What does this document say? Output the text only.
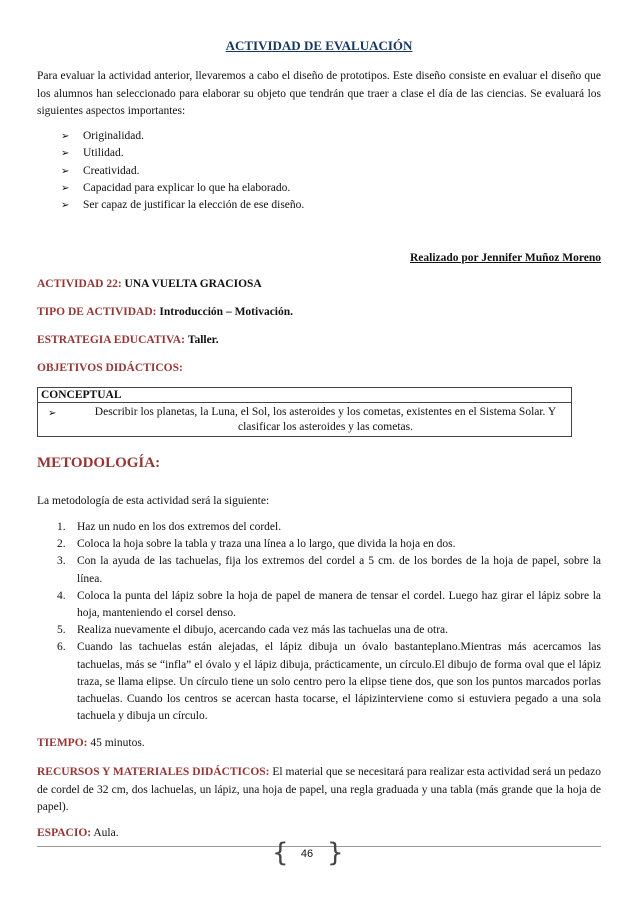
ACTIVIDAD DE EVALUACIÓN
Para evaluar la actividad anterior, llevaremos a cabo el diseño de prototipos. Este diseño consiste en evaluar el diseño que los alumnos han seleccionado para elaborar su objeto que tendrán que traer a clase el día de las ciencias. Se evaluará los siguientes aspectos importantes:
➢ Originalidad.
➢ Utilidad.
➢ Creatividad.
➢ Capacidad para explicar lo que ha elaborado.
➢ Ser capaz de justificar la elección de ese diseño.
Realizado por Jennifer Muñoz Moreno
ACTIVIDAD 22: UNA VUELTA GRACIOSA
TIPO DE ACTIVIDAD: Introducción – Motivación.
ESTRATEGIA EDUCATIVA: Taller.
OBJETIVOS DIDÁCTICOS:
CONCEPTUAL
➢	Describir los planetas, la Luna, el Sol, los asteroides y los cometas, existentes en el Sistema Solar. Y clasificar los asteroides y las cometas.
METODOLOGÍA:
La metodología de esta actividad será la siguiente:
1. Haz un nudo en los dos extremos del cordel.
2. Coloca la hoja sobre la tabla y traza una línea a lo largo, que divida la hoja en dos.
3. Con la ayuda de las tachuelas, fija los extremos del cordel a 5 cm. de los bordes de la hoja de papel, sobre la línea.
4. Coloca la punta del lápiz sobre la hoja de papel de manera de tensar el cordel. Luego haz girar el lápiz sobre la hoja, manteniendo el corsel denso.
5. Realiza nuevamente el dibujo, acercando cada vez más las tachuelas una de otra.
6. Cuando las tachuelas están alejadas, el lápiz dibuja un óvalo bastanteplano.Mientras más acercamos las tachuelas, más se “infla” el óvalo y el lápiz dibuja, prácticamente, un círculo.El dibujo de forma oval que el lápiz traza, se llama elipse. Un círculo tiene un solo centro pero la elipse tiene dos, que son los puntos marcados porlas tachuelas. Cuando los centros se acercan hasta tocarse, el lápizinterviene como si estuviera pegado a una sola tachuela y dibuja un círculo.
TIEMPO: 45 minutos.
RECURSOS Y MATERIALES DIDÁCTICOS: El material que se necesitará para realizar esta actividad será un pedazo de cordel de 32 cm, dos lachuelas, un lápiz, una hoja de papel, una regla graduada y una tabla (más grande que la hoja de papel).
ESPACIO: Aula.
{	46 }
